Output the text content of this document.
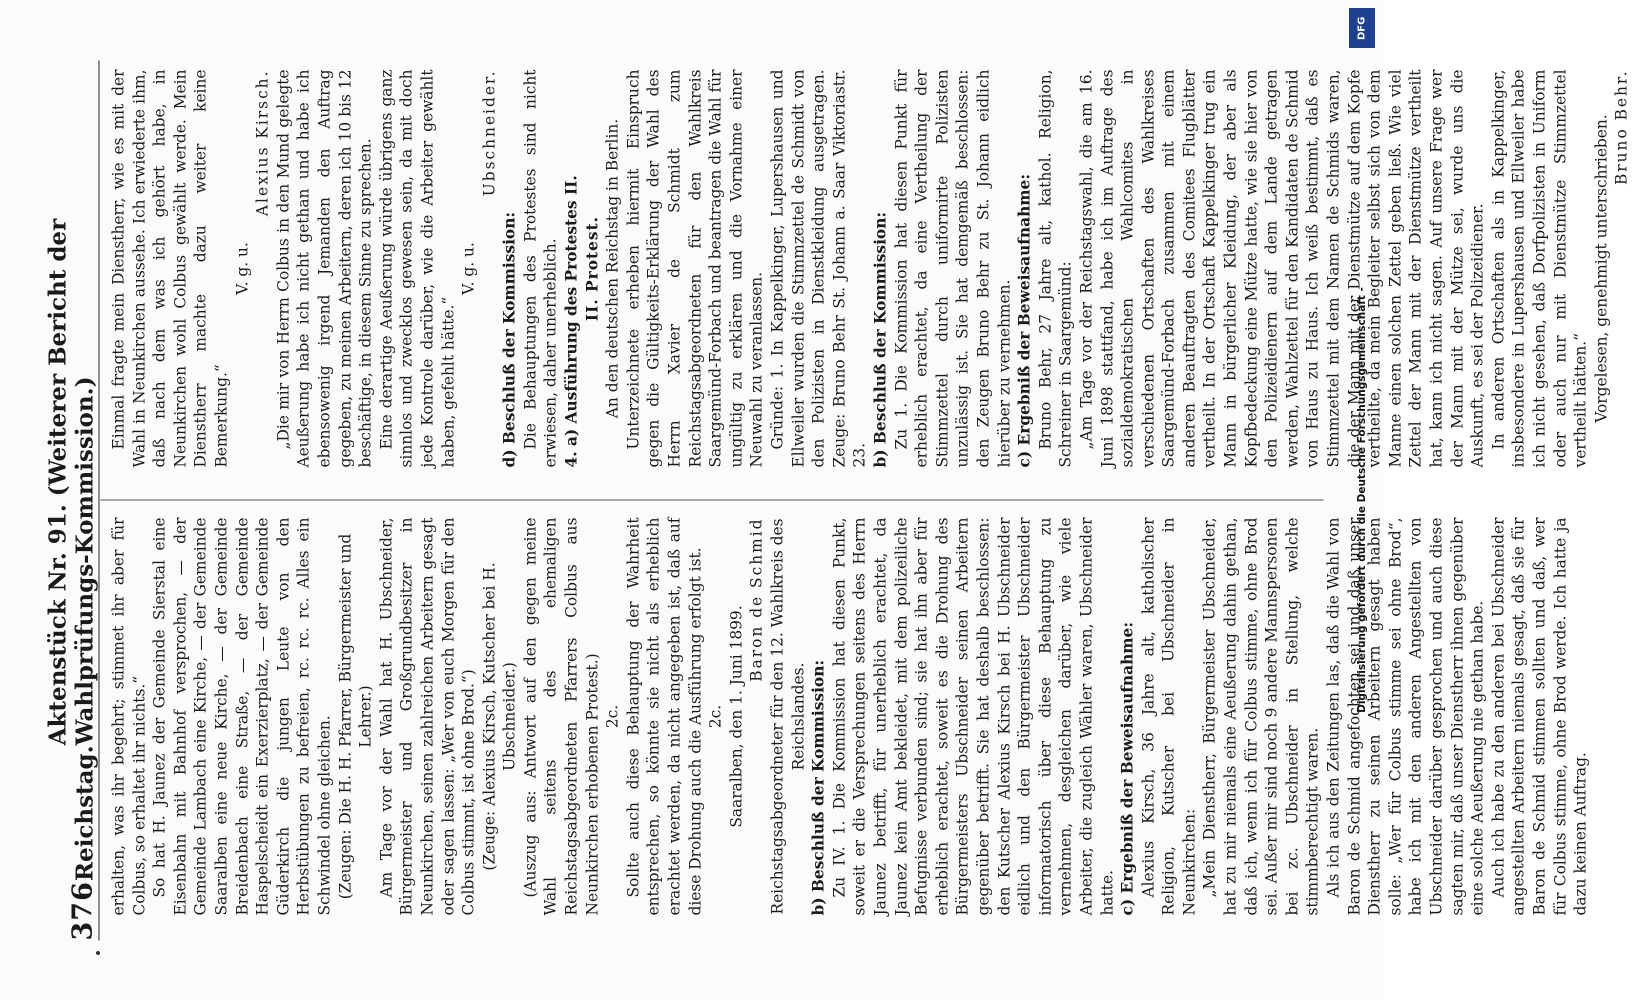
376
Reichstag.
Aktenstück Nr. 91. (Weiterer Bericht der Wahlprüfungs-Kommission.) erhalten, was ihr begehrt; stimmet ihr aber für Colbus, so erhaltet ihr nichts.“ So hat H. Jaunez der Gemeinde Sierstal eine Eisenbahn mit Bahnhof versprochen, — der Gemeinde Lambach eine Kirche, — der Gemeinde Saaralben eine neue Kirche, — der Gemeinde Breidenbach eine Straße, — der Gemeinde Haspelscheidt ein Exerzierplatz, — der Gemeinde Güderkirch die jungen Leute von den Herbstübungen zu befreien, rc. rc. rc. Alles ein Schwindel ohne gleichen. (Zeugen: Die H. H. Pfarrer, Bürgermeister und Lehrer.) Am Tage vor der Wahl hat H. Ubschneider, Bürgermeister und Großgrundbesitzer in Neunkirchen, seinen zahlreichen Arbeitern gesagt oder sagen lassen: „Wer von euch Morgen für den Colbus stimmt, ist ohne Brod.“) (Zeuge: Alexius Kirsch, Kutscher bei H. Ubschneider.) (Auszug aus: Antwort auf den gegen meine Wahl seitens des ehemaligen Reichstagsabgeordneten Pfarrers Colbus aus Neunkirchen erhobenen Protest.) 2c. Sollte auch diese Behauptung der Wahrheit entsprechen, so könnte sie nicht als erheblich erachtet werden, da nicht angegeben ist, daß auf diese Drohung auch die Ausführung erfolgt ist. 2c. Saaralben, den 1. Juni 1899.

Baron de Schmid Reichstagsabgeordneter für den 12. Wahlkreis des Reichslandes. b) Beschluß der Kommission: Zu IV. 1. Die Kommission hat diesen Punkt, soweit er die Versprechungen seitens des Herrn Jaunez betrifft, für unerheblich erachtet, da Jaunez kein Amt bekleidet, mit dem polizeiliche Befugnisse verbunden sind; sie hat ihn aber für erheblich erachtet, soweit es die Drohung des Bürgermeisters Ubschneider seinen Arbeitern gegenüber betrifft. Sie hat deshalb beschlossen: den Kutscher Alexius Kirsch bei H. Ubschneider eidlich und den Bürgermeister Ubschneider informatorisch über diese Behauptung zu vernehmen, desgleichen darüber, wie viele Arbeiter, die zugleich Wähler waren, Ubschneider hatte. c) Ergebniß der Beweisaufnahme: Alexius Kirsch, 36 Jahre alt, katholischer Religion, Kutscher bei Ubschneider in Neunkirchen: „Mein Dienstherr, Bürgermeister Ubschneider, hat zu mir niemals eine Aeußerung dahin gethan, daß ich, wenn ich für Colbus stimme, ohne Brod sei. Außer mir sind noch 9 andere Mannspersonen bei zc. Ubschneider in Stellung, welche stimmberechtigt waren. Als ich aus den Zeitungen las, daß die Wahl von Baron de Schmid angefochten sei und daß unser Dienstherr zu seinen Arbeitern gesagt haben solle: „Wer für Colbus stimme sei ohne Brod“, habe ich mit den anderen Angestellten von Ubschneider darüber gesprochen und auch diese sagten mir, daß unser Dienstherr ihnen gegenüber eine solche Aeußerung nie gethan habe. Auch ich habe zu den anderen bei Ubschneider angestellten Arbeitern niemals gesagt, daß sie für Baron de Schmid stimmen sollten und daß, wer für Colbus stimme, ohne Brod werde. Ich hatte ja dazu keinen Auftrag.

Einmal fragte mein Dienstherr, wie es mit der Wahl in Neunkirchen aussehe. Ich erwiederte ihm, daß nach dem was ich gehört habe, in Neunkirchen wohl Colbus gewählt werde. Mein Dienstherr machte dazu weiter keine Bemerkung.“

V. g. u.

Alexius Kirsch. „Die mir von Herrn Colbus in den Mund gelegte Aeußerung habe ich nicht gethan und habe ich ebensowenig irgend Jemanden den Auftrag gegeben, zu meinen Arbeitern, deren ich 10 bis 12 beschäftige, in diesem Sinne zu sprechen. Eine derartige Aeußerung würde übrigens ganz sinnlos und zwecklos gewesen sein, da mit doch jede Kontrole darüber, wie die Arbeiter gewählt haben, gefehlt hätte.“

V. g. u.

Ubschneider.

d) Beschluß der Kommission: Die Behauptungen des Protestes sind nicht erwiesen, daher unerheblich. 4. a) Ausführung des Protestes II. II. Protest. An den deutschen Reichstag in Berlin. Unterzeichnete erheben hiermit Einspruch gegen die Gültigkeits-Erklärung der Wahl des Herrn Xavier de Schmidt zum Reichstagsabgeordneten für den Wahlkreis Saargemünd-Forbach und beantragen die Wahl für ungültig zu erklären und die Vornahme einer Neuwahl zu veranlassen. Gründe: 1. In Kappelkinger, Lupershausen und Ellweiler wurden die Stimmzettel de Schmidt von den Polizisten in Dienstkleidung ausgetragen. Zeuge: Bruno Behr St. Johann a. Saar Viktoriastr. 23. b) Beschluß der Kommission: Zu 1. Die Kommission hat diesen Punkt für erheblich erachtet, da eine Vertheilung der Stimmzettel durch uniformirte Polizisten unzulässig ist. Sie hat demgemäß beschlossen: den Zeugen Bruno Behr zu St. Johann eidlich hierüber zu vernehmen. c) Ergebniß der Beweisaufnahme: Bruno Behr, 27 Jahre alt, kathol. Religion, Schreiner in Saargemünd: „Am Tage vor der Reichstagswahl, die am 16. Juni 1898 stattfand, habe ich im Auftrage des sozialdemokratischen Wahlcomites in verschiedenen Ortschaften des Wahlkreises Saargemünd-Forbach zusammen mit einem anderen Beauftragten des Comitees Flugblätter vertheilt. In der Ortschaft Kappelkinger trug ein Mann in bürgerlicher Kleidung, der aber als Kopfbedeckung eine Mütze hatte, wie sie hier von den Polizeidienern auf dem Lande getragen werden, Wahlzettel für den Kandidaten de Schmid von Haus zu Haus. Ich weiß bestimmt, daß es Stimmzettel mit dem Namen de Schmids waren, die der Mann mit der Dienstmütze auf dem Kopfe vertheilte, da mein Begleiter selbst sich von dem Manne einen solchen Zettel geben ließ. Wie viel Zettel der Mann mit der Dienstmütze vertheilt hat, kann ich nicht sagen. Auf unsere Frage wer der Mann mit der Mütze sei, wurde uns die Auskunft, es sei der Polizeidiener. In anderen Ortschaften als in Kappelkinger, insbesondere in Lupershausen und Ellweiler habe ich nicht gesehen, daß Dorfpolizisten in Uniform oder auch nur mit Dienstmütze Stimmzettel vertheilt hätten.“ Vorgelesen, genehmigt unterschrieben. Bruno Behr.

Digitalisierung gefördert durch die Deutsche Forschungsgemeinschaft -
DFG
